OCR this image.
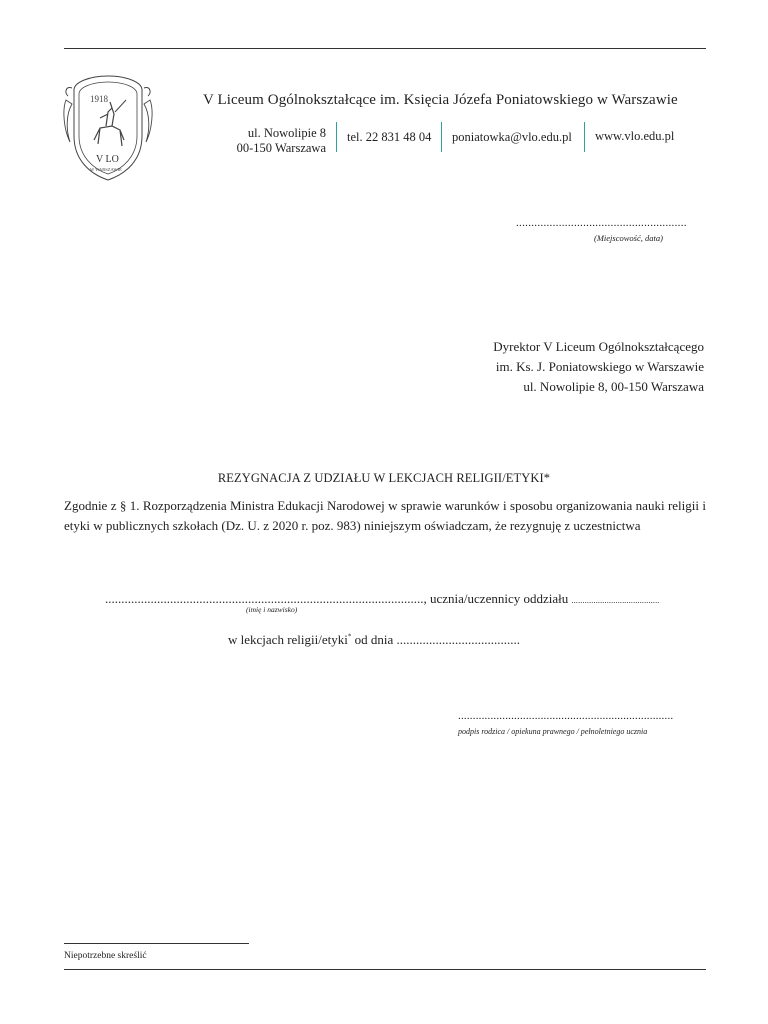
1918
V LO
W WARSZAWIE
V Liceum Ogólnokształcące im. Księcia Józefa Poniatowskiego w Warszawie
ul. Nowolipie 8
00-150 Warszawa
tel. 22 831 48 04 poniatowka@vlo.edu.pl www.vlo.edu.pl
........................................................
(Miejscowość, data)
Dyrektor V Liceum Ogólnokształcącego
im. Ks. J. Poniatowskiego w Warszawie
ul. Nowolipie 8, 00-150 Warszawa
REZYGNACJA Z UDZIAŁU W LEKCJACH RELIGII/ETYKI*
Zgodnie z § 1. Rozporządzenia Ministra Edukacji Narodowej w sprawie warunków i sposobu organizowania nauki religii i etyki w publicznych szkołach (Dz. U. z 2020 r. poz. 983) niniejszym oświadczam, że rezygnuję z uczestnictwa
.................................................................................................., ucznia/uczennicy oddziału ........................................
(imię i nazwisko)
w lekcjach religii/etyki* od dnia ......................................
.........................................................................
podpis rodzica / opiekuna prawnego / pełnoletniego ucznia
Niepotrzebne skreślić
